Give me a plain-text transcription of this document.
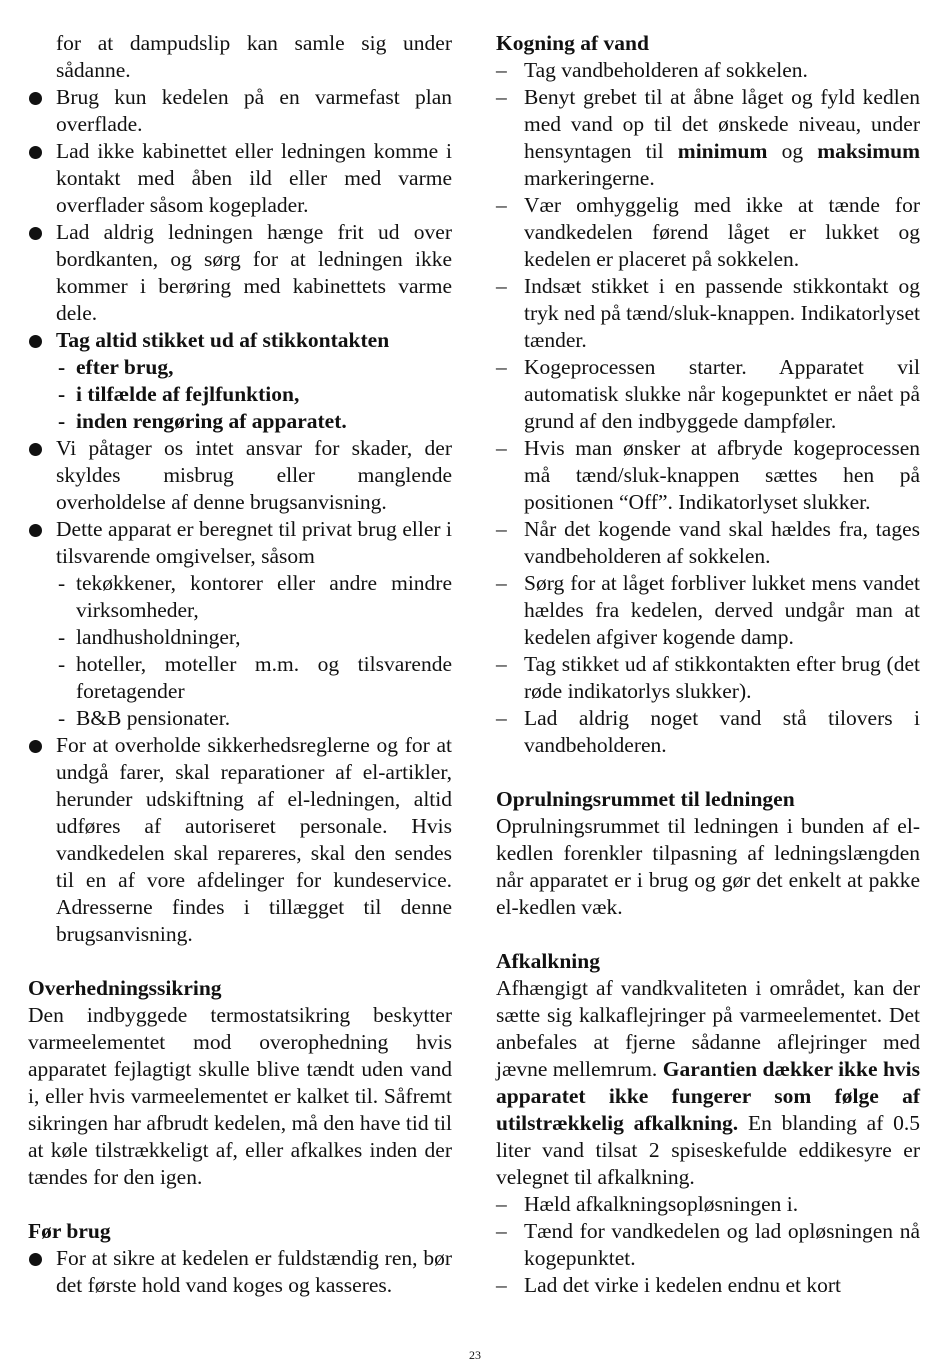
for at dampudslip kan samle sig under sådanne.

Brug kun kedelen på en varmefast plan overflade.

Lad ikke kabinettet eller ledningen komme i kontakt med åben ild eller med varme overflader såsom kogeplader.

Lad aldrig ledningen hænge frit ud over bordkanten, og sørg for at ledningen ikke kommer i berøring med kabinettets varme dele.

Tag altid stikket ud af stikkontakten

- efter brug,
- i tilfælde af fejlfunktion,
- inden rengøring af apparatet.

Vi påtager os intet ansvar for skader, der skyldes misbrug eller manglende overholdelse af denne brugsanvisning.

Dette apparat er beregnet til privat brug eller i tilsvarende omgivelser, såsom

- tekøkkener, kontorer eller andre mindre virksomheder,
- landhusholdninger,
- hoteller, moteller m.m. og tilsvarende foretagender
- B&B pensionater.

For at overholde sikkerhedsreglerne og for at undgå farer, skal reparationer af el-artikler, herunder udskiftning af el-ledningen, altid udføres af autoriseret personale. Hvis vandkedelen skal repareres, skal den sendes til en af vore afdelinger for kundeservice. Adresserne findes i tillægget til denne brugsanvisning.

Overhedningssikring

Den indbyggede termostatsikring beskytter varmeelementet mod overophedning hvis apparatet fejlagtigt skulle blive tændt uden vand i, eller hvis varmeelementet er kalket til. Såfremt sikringen har afbrudt kedelen, må den have tid til at køle tilstrækkeligt af, eller afkalkes inden der tændes for den igen.

Før brug

For at sikre at kedelen er fuldstændig ren, bør det første hold vand koges og kasseres.

Kogning af vand

– Tag vandbeholderen af sokkelen.

– Benyt grebet til at åbne låget og fyld kedlen med vand op til det ønskede niveau, under hensyntagen til minimum og maksimum markeringerne.

– Vær omhyggelig med ikke at tænde for vandkedelen førend låget er lukket og kedelen er placeret på sokkelen.

– Indsæt stikket i en passende stikkontakt og tryk ned på tænd/sluk-knappen. Indikatorlyset tænder.

– Kogeprocessen starter. Apparatet vil automatisk slukke når kogepunktet er nået på grund af den indbyggede dampføler.

– Hvis man ønsker at afbryde kogeprocessen må tænd/sluk-knappen sættes hen på positionen “Off”. Indikatorlyset slukker.

– Når det kogende vand skal hældes fra, tages vandbeholderen af sokkelen.

– Sørg for at låget forbliver lukket mens vandet hældes fra kedelen, derved undgår man at kedelen afgiver kogende damp.

– Tag stikket ud af stikkontakten efter brug (det røde indikatorlys slukker).

– Lad aldrig noget vand stå tilovers i vandbeholderen.

Oprulningsrummet til ledningen

Oprulningsrummet til ledningen i bunden af el-kedlen forenkler tilpasning af ledningslængden når apparatet er i brug og gør det enkelt at pakke el-kedlen væk.

Afkalkning

Afhængigt af vandkvaliteten i området, kan der sætte sig kalkaflejringer på varmeelementet. Det anbefales at fjerne sådanne aflejringer med jævne mellemrum. Garantien dækker ikke hvis apparatet ikke fungerer som følge af utilstrækkelig afkalkning. En blanding af 0.5 liter vand tilsat 2 spiseskefulde eddikesyre er velegnet til afkalkning.

– Hæld afkalkningsopløsningen i.

– Tænd for vandkedelen og lad opløsningen nå kogepunktet.

– Lad det virke i kedelen endnu et kort

23
